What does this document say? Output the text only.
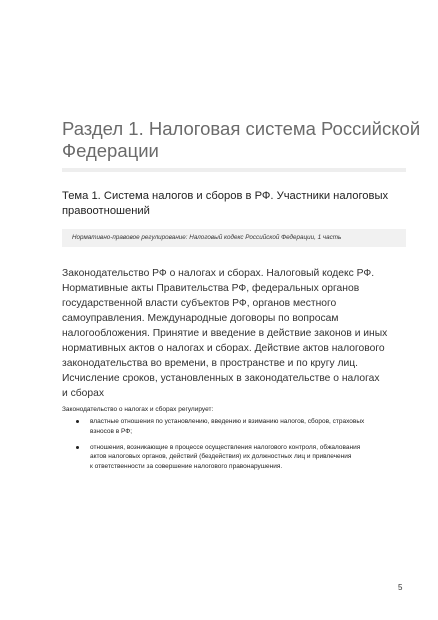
Раздел 1. Налоговая система Российской
Федерации
Тема 1. Система налогов и сборов в РФ. Участники налоговых
правоотношений
Нормативно-правовое регулирование: Налоговый кодекс Российской Федерации, 1 часть

Законодательство РФ о налогах и сборах. Налоговый кодекс РФ.
Нормативные акты Правительства РФ, федеральных органов
государственной власти субъектов РФ, органов местного
самоуправления. Международные договоры по вопросам
налогообложения. Принятие и введение в действие законов и иных
нормативных актов о налогах и сборах. Действие актов налогового
законодательства во времени, в пространстве и по кругу лиц.
Исчисление сроков, установленных в законодательстве о налогах
и сборах

Законодательство о налогах и сборах регулирует:

властные отношения по установлению, введению и взиманию налогов, сборов, страховых
взносов в РФ;
отношения, возникающие в процессе осуществления налогового контроля, обжалования
актов налоговых органов, действий (бездействия) их должностных лиц и привлечения
к ответственности за совершение налогового правонарушения.
5
